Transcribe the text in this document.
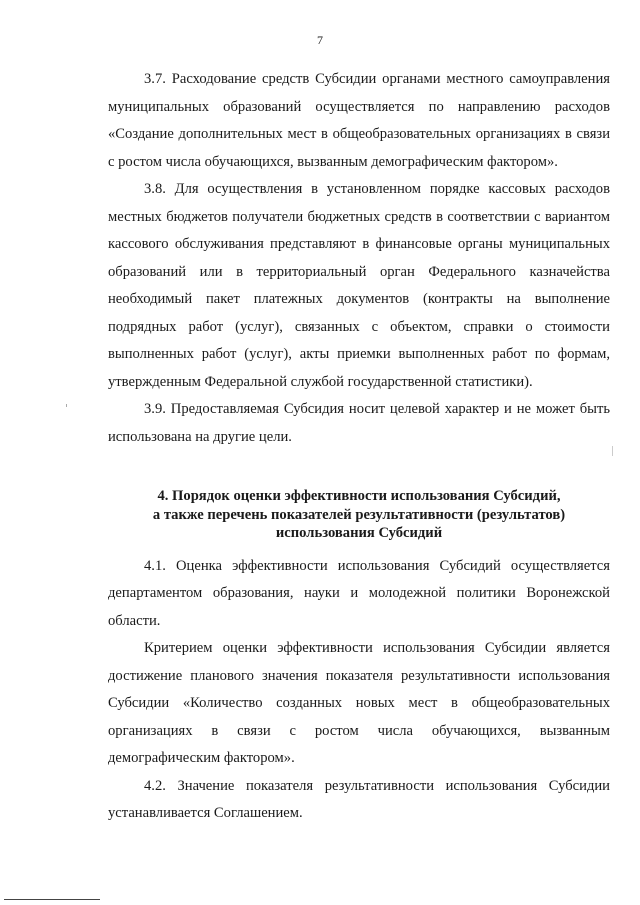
7

3.7. Расходование средств Субсидии органами местного самоуправления муниципальных образований осуществляется по направлению расходов «Создание дополнительных мест в общеобразовательных организациях в связи с ростом числа обучающихся, вызванным демографическим фактором».

3.8. Для осуществления в установленном порядке кассовых расходов местных бюджетов получатели бюджетных средств в соответствии с вариантом кассового обслуживания представляют в финансовые органы муниципальных образований или в территориальный орган Федерального казначейства необходимый пакет платежных документов (контракты на выполнение подрядных работ (услуг), связанных с объектом, справки о стоимости выполненных работ (услуг), акты приемки выполненных работ по формам, утвержденным Федеральной службой государственной статистики).

3.9. Предоставляемая Субсидия носит целевой характер и не может быть использована на другие цели.

4. Порядок оценки эффективности использования Субсидий,
а также перечень показателей результативности (результатов)
использования Субсидий

4.1. Оценка эффективности использования Субсидий осуществляется департаментом образования, науки и молодежной политики Воронежской области.

Критерием оценки эффективности использования Субсидии является достижение планового значения показателя результативности использования Субсидии «Количество созданных новых мест в общеобразовательных организациях в связи с ростом числа обучающихся, вызванным демографическим фактором».

4.2. Значение показателя результативности использования Субсидии устанавливается Соглашением.
